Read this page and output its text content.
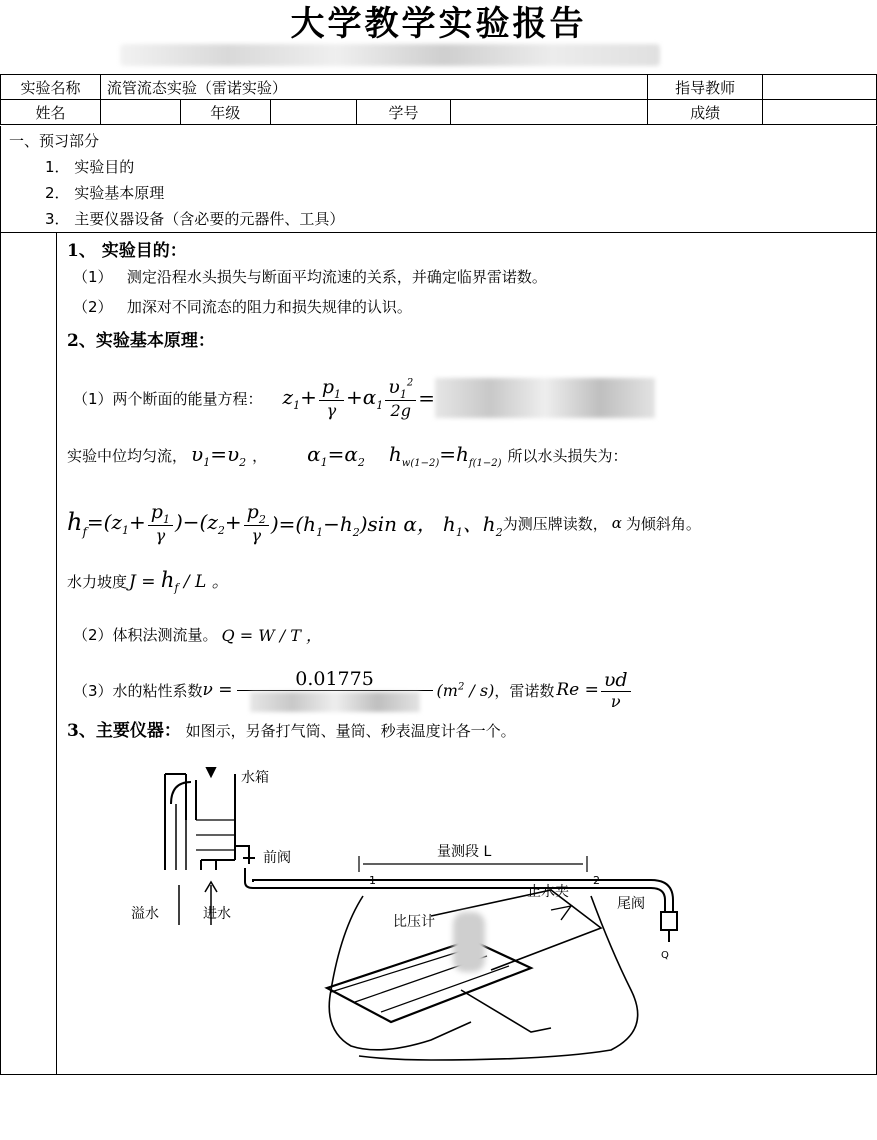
大学教学实验报告
实验名称	流管流态实验（雷诺实验）					指导教师	
姓名		年级		学号		成绩	
一、预习部分
1． 实验目的
2． 实验基本原理
3． 主要仪器设备（含必要的元器件、工具）
1、 实验目的：
（1） 测定沿程水头损失与断面平均流速的关系，并确定临界雷诺数。
（2） 加深对不同流态的阻力和损失规律的认识。
2、实验基本原理：
（1）两个断面的能量方程： $z_1+ \frac{p_1}{\gamma} +\alpha_1 \frac{\upsilon_1^2}{2g}$ =
实验中位均匀流， $\upsilon_1=\upsilon_2$ ， $\alpha_1=\alpha_2$ $h_{w(1-2)}=h_{f(1-2)}$ 所以水头损失为：
$h_f =(z_1+ \frac{p_1}{\gamma} )-(z_2+ \frac{p_2}{\gamma} )=(h_1-h_2)\sin$ α， $h_1$、$h_2$ 为测压牌读数， α 为倾斜角。
水力坡度 $J = h_f / L$ 。
（2）体积法测流量。 Q = W / T ，
（3）水的粘性系数 ν =	0.01775	$(m^2 / s)$ ，雷诺数 $Re = \frac{\upsilon d}{\nu}$
3、主要仪器： 如图示，另备打气筒、量筒、秒表温度计各一个。
水箱
前阀	量测段 L
溢水	进水
止水夹
尾阀
比压计
1	2
Q
